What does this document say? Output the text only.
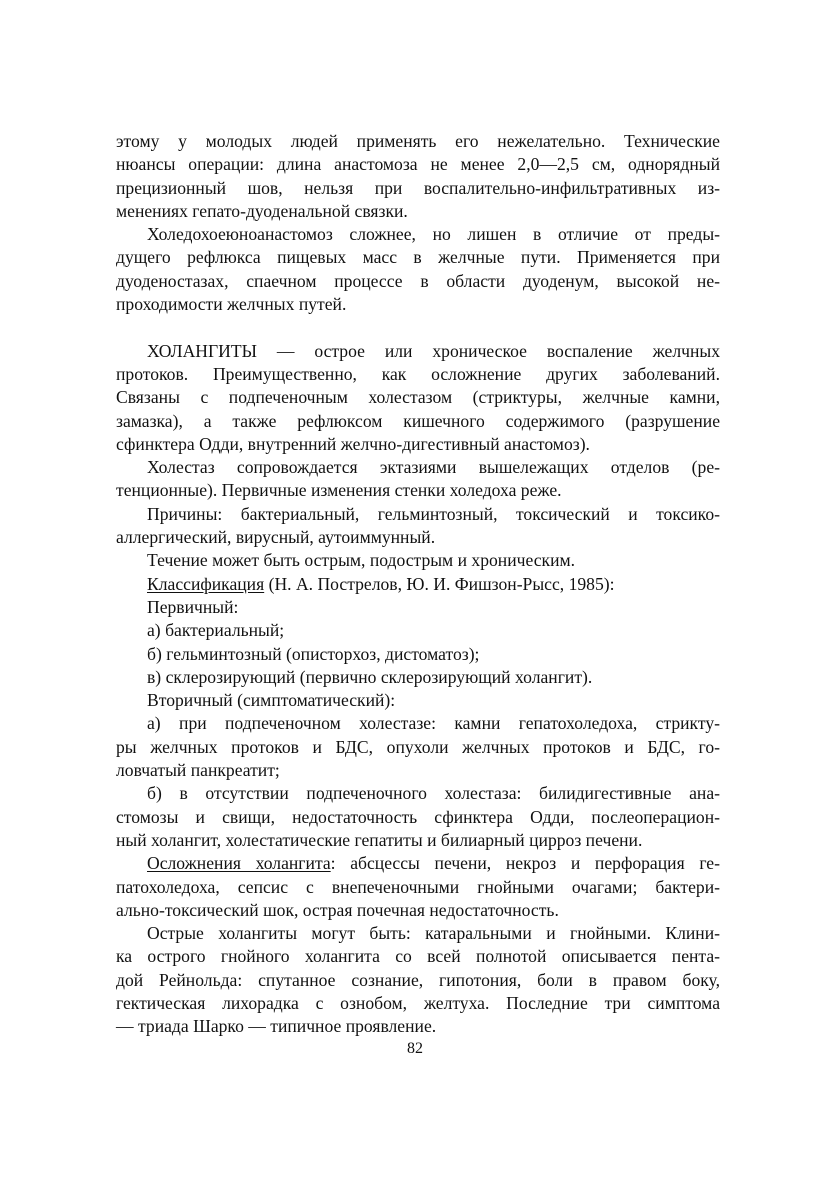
этому у молодых людей применять его нежелательно. Технические
нюансы операции: длина анастомоза не менее 2,0—2,5 см, однорядный
прецизионный шов, нельзя при воспалительно-инфильтративных из-
менениях гепато-дуоденальной связки.
Холедохоеюноанастомоз сложнее, но лишен в отличие от преды-
дущего рефлюкса пищевых масс в желчные пути. Применяется при
дуоденостазах, спаечном процессе в области дуоденум, высокой не-
проходимости желчных путей.
ХОЛАНГИТЫ — острое или хроническое воспаление желчных
протоков. Преимущественно, как осложнение других заболеваний.
Связаны с подпеченочным холестазом (стриктуры, желчные камни,
замазка), а также рефлюксом кишечного содержимого (разрушение
сфинктера Одди, внутренний желчно-дигестивный анастомоз).
Холестаз сопровождается эктазиями вышележащих отделов (ре-
тенционные). Первичные изменения стенки холедоха реже.
Причины: бактериальный, гельминтозный, токсический и токсико-
аллергический, вирусный, аутоиммунный.
Течение может быть острым, подострым и хроническим.
Классификация (Н. А. Пострелов, Ю. И. Фишзон-Рысс, 1985):
Первичный:
а) бактериальный;
б) гельминтозный (описторхоз, дистоматоз);
в) склерозирующий (первично склерозирующий холангит).
Вторичный (симптоматический):
а) при подпеченочном холестазе: камни гепатохоледоха, стрикту-
ры желчных протоков и БДС, опухоли желчных протоков и БДС, го-
ловчатый панкреатит;
б) в отсутствии подпеченочного холестаза: билидигестивные ана-
стомозы и свищи, недостаточность сфинктера Одди, послеоперацион-
ный холангит, холестатические гепатиты и билиарный цирроз печени.
Осложнения холангита: абсцессы печени, некроз и перфорация ге-
патохоледоха, сепсис с внепеченочными гнойными очагами; бактери-
ально-токсический шок, острая почечная недостаточность.
Острые холангиты могут быть: катаральными и гнойными. Клини-
ка острого гнойного холангита со всей полнотой описывается пента-
дой Рейнольда: спутанное сознание, гипотония, боли в правом боку,
гектическая лихорадка с ознобом, желтуха. Последние три симптома
— триада Шарко — типичное проявление.
82
